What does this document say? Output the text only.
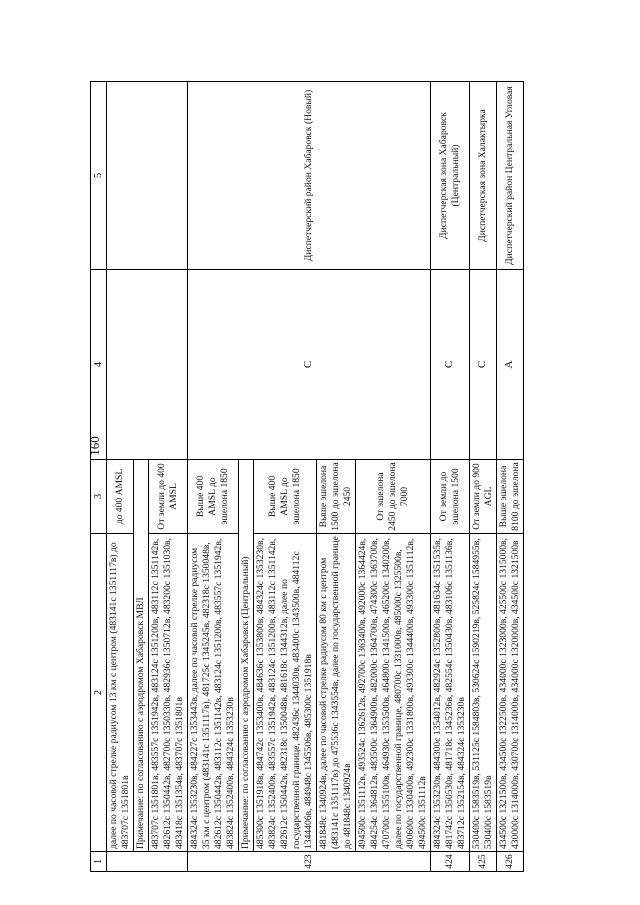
160
1	2	3	4	5
	далее по часовой стрелке радиусом 13 км с центром (483141с 1351117в) до 483707с 1351801в	до 400 AMSL		
	Примечание: по согласованию с аэродромом Хабаровск МВЛ			
	483707с 1351801в, 483557с 1351942в, 483124с 1351200в, 483112с 1351142в, 482612с 1350442в, 482700с 1350330в, 482936с 1350712в, 483200с 1351030в, 483418с 1351354в, 483707с 1351801в	От земли до 400 AMSL		
423	484324с 1353230в, 484227с 1353443в, далее по часовой стрелке радиусом 35 км с центром (483141с 1351117в), 481725с 1345245в, 482318с 1350048в, 482612с 1350442в, 483112с 1351142в, 483124с 1351200в, 483557с 1351942в, 483824с 1352400в, 484324с 1353230в	Выше 400 AMSL до эшелона 1850	С	Диспетчерский район Хабаровск (Новый)
	Примечание: по согласованию с аэродромом Хабаровск (Центральный)			
	485300с 1351918в, 484742с 1353400в, 484636с 1353800в, 484324с 1353230в, 483824с 1352400в, 483557с 1351942в, 483124с 1351200в, 483112с 1351142в, 482612с 1350442в, 482318с 1350048в, 481618с 1344312в, далее по государственной границе, 482436с 1344030в, 483400с 1343500в, 484112с 1344406в, 484948с 1345506в, 485300с 1351918в	Выше 400 AMSL до эшелона 1850		
	481848с 1340924в, далее по часовой стрелке радиусом 80 км с центром (483141с 1351117в) до 475536с 1343554в, далее по государственной границе до 481848с 1340924в	Выше эшелона 1500 до эшелона 2450		
	494500с 1351112в, 493524с 1362612в, 492700с 1363400в, 492000с 1364424в, 484254с 1364812в, 483500с 1364900в, 482000с 1364700в, 474300с 1363700в, 470700с 1355100в, 464930с 1353500в, 464800с 1341500в, 465200с 1340200в, далее по государственной границе, 480700с 1331000в, 485000с 1325500в, 490600с 1330400в, 492300с 1331800в, 493300с 1344400в, 493300с 1351112в, 494500с 1351112в	От эшелона 2450 до эшелона 7000		
424	484324с 1353230в, 484300с 1354012в, 482924с 1352800в, 481634с 1351535в, 481742с 1350530в, 481718с 1345236в, 482554с 1350430в, 483106с 1351136в, 483712с 1352154в, 484324с 1353230в	От земли до эшелона 1500	С	Диспетчерская зона Хабаровск (Центральный)
425	530400с 1583519в, 531125с 1584803в, 530624с 1590219в, 525824с 1584955в, 530400с 1583519в	От земли до 900 AGL	С	Диспетчерская зона Халактырка
426	434500с 1321500в, 434500с 1322500в, 434000с 1323000в, 425500с 1315000в, 430000с 1314000в, 430700с 1314000в, 434000с 1320000в, 434500с 1321500в	Выше эшелона 8100 до эшелона	А	Диспетчерский район Центральная Угловая
